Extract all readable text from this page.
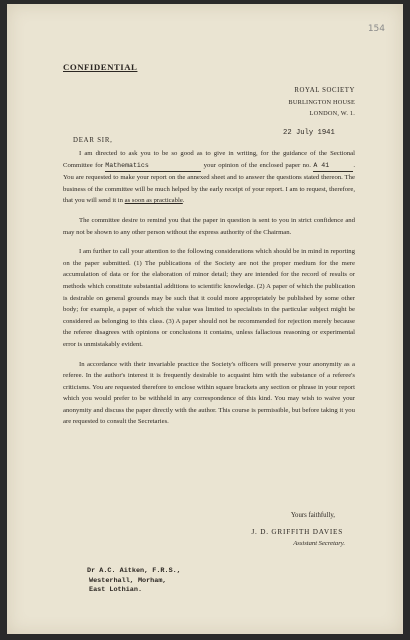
154
CONFIDENTIAL
ROYAL SOCIETY
BURLINGTON HOUSE
LONDON, W. 1.
22 July 1941
DEAR SIR,

I am directed to ask you to be so good as to give in writing, for the guidance of the Sectional Committee for Mathematics	your opinion of the enclosed paper no. A 41	. You are requested to make your report on the annexed sheet and to answer the questions stated thereon. The business of the committee will be much helped by the early receipt of your report. I am to request, therefore, that you will send it in as soon as practicable.

The committee desire to remind you that the paper in question is sent to you in strict confidence and may not be shown to any other person without the express authority of the Chairman.

I am further to call your attention to the following considerations which should be in mind in reporting on the paper submitted. (1) The publications of the Society are not the proper medium for the mere accumulation of data or for the elaboration of minor detail; they are intended for the record of results or methods which constitute substantial additions to scientific knowledge. (2) A paper of which the publication is desirable on general grounds may be such that it could more appropriately be published by some other body; for example, a paper of which the value was limited to specialists in the particular subject might be considered as belonging to this class. (3) A paper should not be recommended for rejection merely because the referee disagrees with opinions or conclusions it contains, unless fallacious reasoning or experimental error is unmistakably evident.

In accordance with their invariable practice the Society's officers will preserve your anonymity as a referee. In the author's interest it is frequently desirable to acquaint him with the substance of a referee's criticisms. You are requested therefore to enclose within square brackets any section or phrase in your report which you would prefer to be withheld in any correspondence of this kind. You may wish to waive your anonymity and discuss the paper directly with the author. This course is permissible, but before taking it you are requested to consult the Secretaries.

Yours faithfully,
J. D. GRIFFITH DAVIES
Assistant Secretary.
Dr A.C. Aitken, F.R.S.,
Westerhall, Morham,
East Lothian.
